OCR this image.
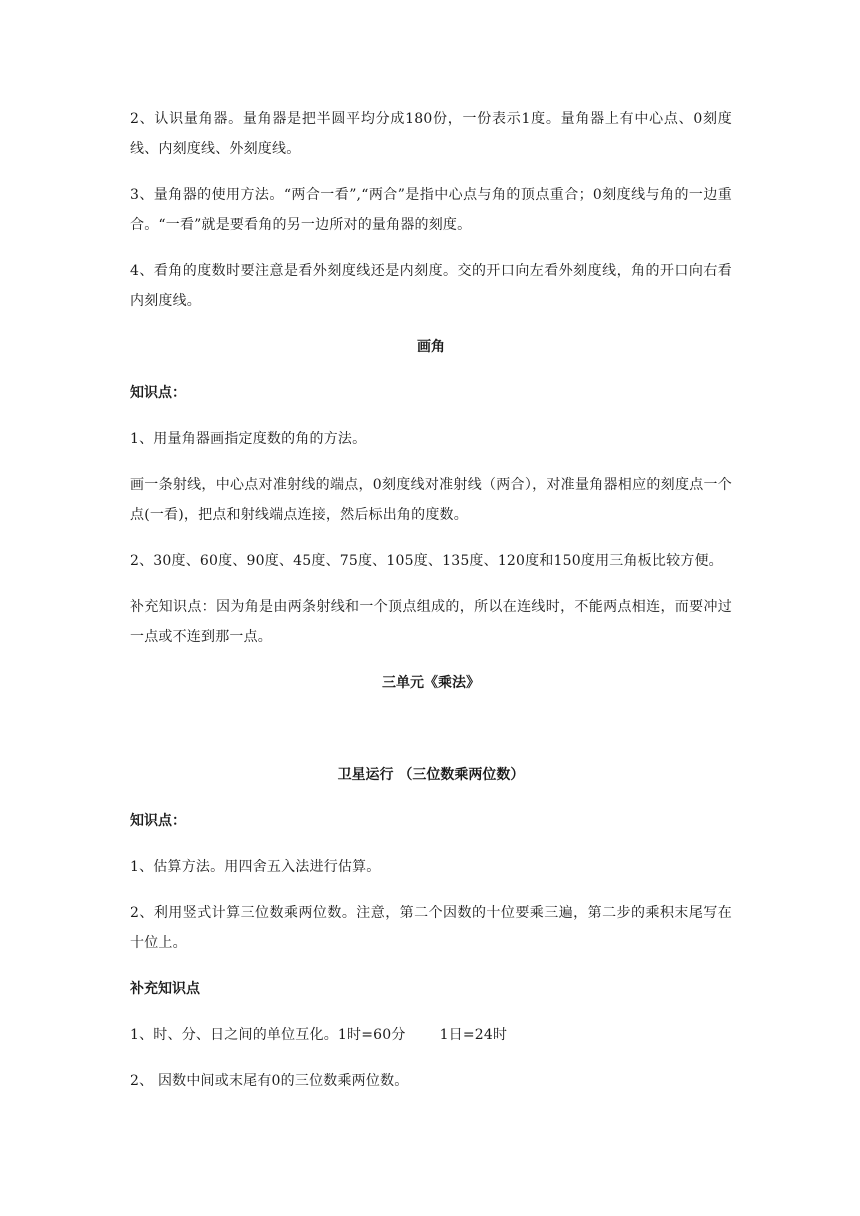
2、认识量角器。量角器是把半圆平均分成180份，一份表示1度。量角器上有中心点、0刻度线、内刻度线、外刻度线。

3、量角器的使用方法。“两合一看”,“两合”是指中心点与角的顶点重合；0刻度线与角的一边重合。“一看”就是要看角的另一边所对的量角器的刻度。

4、看角的度数时要注意是看外刻度线还是内刻度。交的开口向左看外刻度线，角的开口向右看内刻度线。

画角
知识点：

1、用量角器画指定度数的角的方法。

画一条射线，中心点对准射线的端点，0刻度线对准射线（两合），对准量角器相应的刻度点一个点(一看)，把点和射线端点连接，然后标出角的度数。

2、30度、60度、90度、45度、75度、105度、135度、120度和150度用三角板比较方便。

补充知识点：因为角是由两条射线和一个顶点组成的，所以在连线时，不能两点相连，而要冲过一点或不连到那一点。

三单元《乘法》
卫星运行 （三位数乘两位数）
知识点：

1、估算方法。用四舍五入法进行估算。

2、利用竖式计算三位数乘两位数。注意，第二个因数的十位要乘三遍，第二步的乘积末尾写在十位上。

补充知识点

1、时、分、日之间的单位互化。1时=60分 1日=24时

2、 因数中间或末尾有0的三位数乘两位数。
